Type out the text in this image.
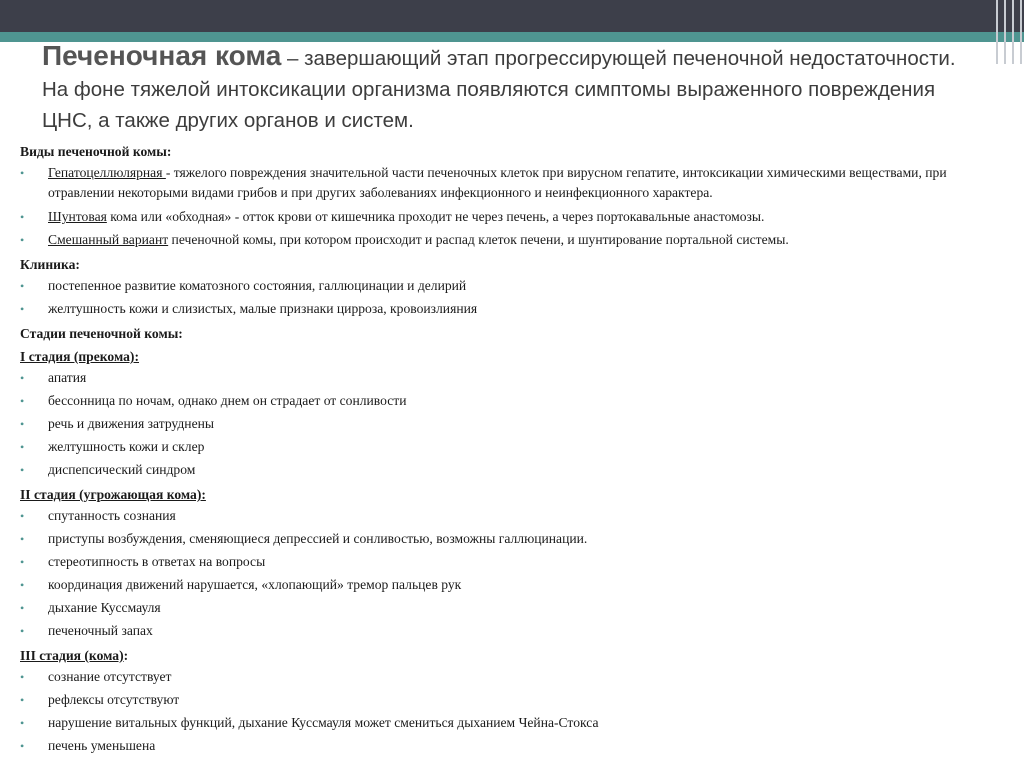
Печеночная кома – завершающий этап прогрессирующей печеночной недостаточности. На фоне тяжелой интоксикации организма появляются симптомы выраженного повреждения ЦНС, а также других органов и систем.
Виды печеночной комы:
• Гепатоцеллюлярная - тяжелого повреждения значительной части печеночных клеток при вирусном гепатите, интоксикации химическими веществами, при отравлении некоторыми видами грибов и при других заболеваниях инфекционного и неинфекционного характера.
• Шунтовая кома или «обходная» - отток крови от кишечника проходит не через печень, а через портокавальные анастомозы.
• Смешанный вариант печеночной комы, при котором происходит и распад клеток печени, и шунтирование портальной системы.
Клиника:
• постепенное развитие коматозного состояния, галлюцинации и делирий
• желтушность кожи и слизистых, малые признаки цирроза, кровоизлияния
Стадии печеночной комы:
I стадия (прекома):
• апатия
• бессонница по ночам, однако днем он страдает от сонливости
• речь и движения затруднены
• желтушность кожи и склер
• диспепсический синдром
II стадия (угрожающая кома):
• спутанность сознания
• приступы возбуждения, сменяющиеся депрессией и сонливостью, возможны галлюцинации.
• стереотипность в ответах на вопросы
• координация движений нарушается, «хлопающий» тремор пальцев рук
• дыхание Куссмауля
• печеночный запах
III стадия (кома):
• сознание отсутствует
• рефлексы отсутствуют
• нарушение витальных функций, дыхание Куссмауля может смениться дыханием Чейна-Стокса
• печень уменьшена
